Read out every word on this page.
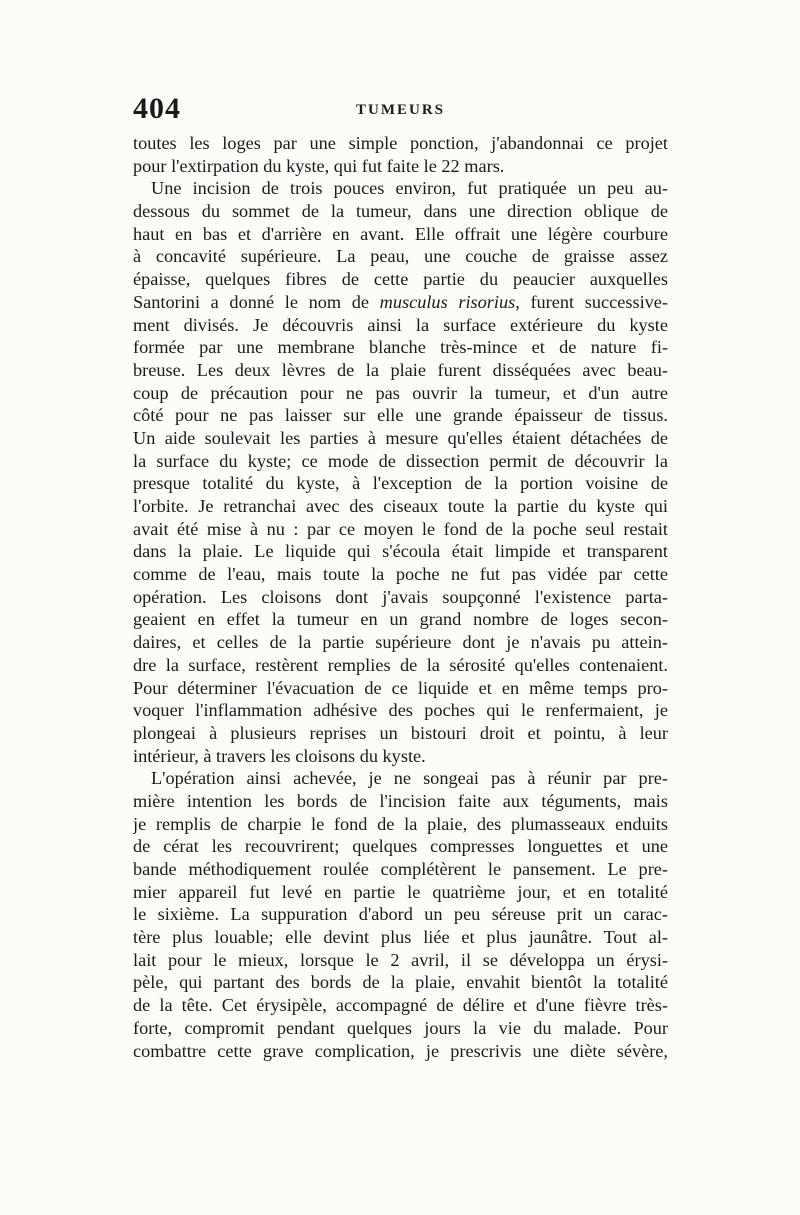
404	TUMEURS
toutes les loges par une simple ponction, j'abandonnai ce projet
pour l'extirpation du kyste, qui fut faite le 22 mars.
Une incision de trois pouces environ, fut pratiquée un peu au-
dessous du sommet de la tumeur, dans une direction oblique de
haut en bas et d'arrière en avant. Elle offrait une légère courbure
à concavité supérieure. La peau, une couche de graisse assez
épaisse, quelques fibres de cette partie du peaucier auxquelles
Santorini a donné le nom de musculus risorius, furent successive-
ment divisés. Je découvris ainsi la surface extérieure du kyste
formée par une membrane blanche très-mince et de nature fi-
breuse. Les deux lèvres de la plaie furent disséquées avec beau-
coup de précaution pour ne pas ouvrir la tumeur, et d'un autre
côté pour ne pas laisser sur elle une grande épaisseur de tissus.
Un aide soulevait les parties à mesure qu'elles étaient détachées de
la surface du kyste; ce mode de dissection permit de découvrir la
presque totalité du kyste, à l'exception de la portion voisine de
l'orbite. Je retranchai avec des ciseaux toute la partie du kyste qui
avait été mise à nu : par ce moyen le fond de la poche seul restait
dans la plaie. Le liquide qui s'écoula était limpide et transparent
comme de l'eau, mais toute la poche ne fut pas vidée par cette
opération. Les cloisons dont j'avais soupçonné l'existence parta-
geaient en effet la tumeur en un grand nombre de loges secon-
daires, et celles de la partie supérieure dont je n'avais pu attein-
dre la surface, restèrent remplies de la sérosité qu'elles contenaient.
Pour déterminer l'évacuation de ce liquide et en même temps pro-
voquer l'inflammation adhésive des poches qui le renfermaient, je
plongeai à plusieurs reprises un bistouri droit et pointu, à leur
intérieur, à travers les cloisons du kyste.
L'opération ainsi achevée, je ne songeai pas à réunir par pre-
mière intention les bords de l'incision faite aux téguments, mais
je remplis de charpie le fond de la plaie, des plumasseaux enduits
de cérat les recouvrirent; quelques compresses longuettes et une
bande méthodiquement roulée complétèrent le pansement. Le pre-
mier appareil fut levé en partie le quatrième jour, et en totalité
le sixième. La suppuration d'abord un peu séreuse prit un carac-
tère plus louable; elle devint plus liée et plus jaunâtre. Tout al-
lait pour le mieux, lorsque le 2 avril, il se développa un érysi-
pèle, qui partant des bords de la plaie, envahit bientôt la totalité
de la tête. Cet érysipèle, accompagné de délire et d'une fièvre très-
forte, compromit pendant quelques jours la vie du malade. Pour
combattre cette grave complication, je prescrivis une diète sévère,
